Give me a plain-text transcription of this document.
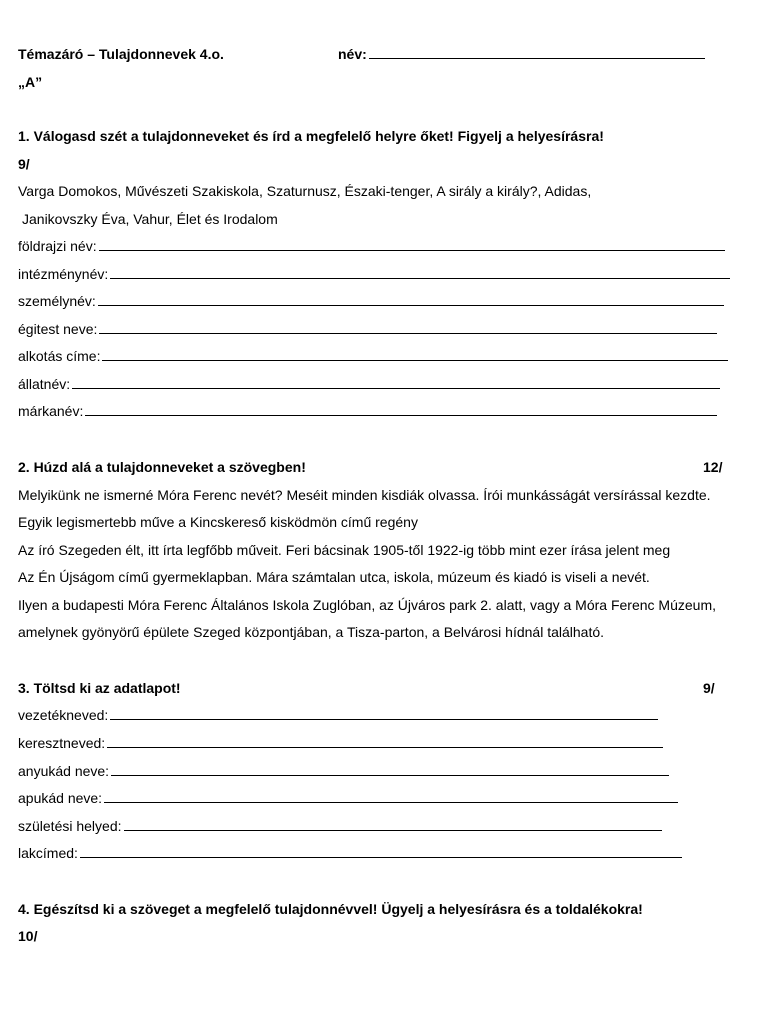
Témazáró – Tulajdonnevek 4.o.	név:
„A”
1. Válogasd szét a tulajdonneveket és írd a megfelelő helyre őket! Figyelj a helyesírásra!
9/
Varga Domokos, Művészeti Szakiskola, Szaturnusz, Északi-tenger, A sirály a király?, Adidas,
Janikovszky Éva, Vahur, Élet és Irodalom
földrajzi név:
intézménynév:
személynév:
égitest neve:
alkotás címe:
állatnév:
márkanév:
2. Húzd alá a tulajdonneveket a szövegben!	12/
Melyikünk ne ismerné Móra Ferenc nevét? Meséit minden kisdiák olvassa. Írói munkásságát versírással kezdte.
Egyik legismertebb műve a Kincskereső kisködmön című regény
Az író Szegeden élt, itt írta legfőbb műveit. Feri bácsinak 1905-től 1922-ig több mint ezer írása jelent meg
Az Én Újságom című gyermeklapban. Mára számtalan utca, iskola, múzeum és kiadó is viseli a nevét.
Ilyen a budapesti Móra Ferenc Általános Iskola Zuglóban, az Újváros park 2. alatt, vagy a Móra Ferenc Múzeum,
amelynek gyönyörű épülete Szeged központjában, a Tisza-parton, a Belvárosi hídnál található.
3. Töltsd ki az adatlapot!	9/
vezetékneved:
keresztneved:
anyukád neve:
apukád neve:
születési helyed:
lakcímed:
4. Egészítsd ki a szöveget a megfelelő tulajdonnévvel! Ügyelj a helyesírásra és a toldalékokra!
10/
